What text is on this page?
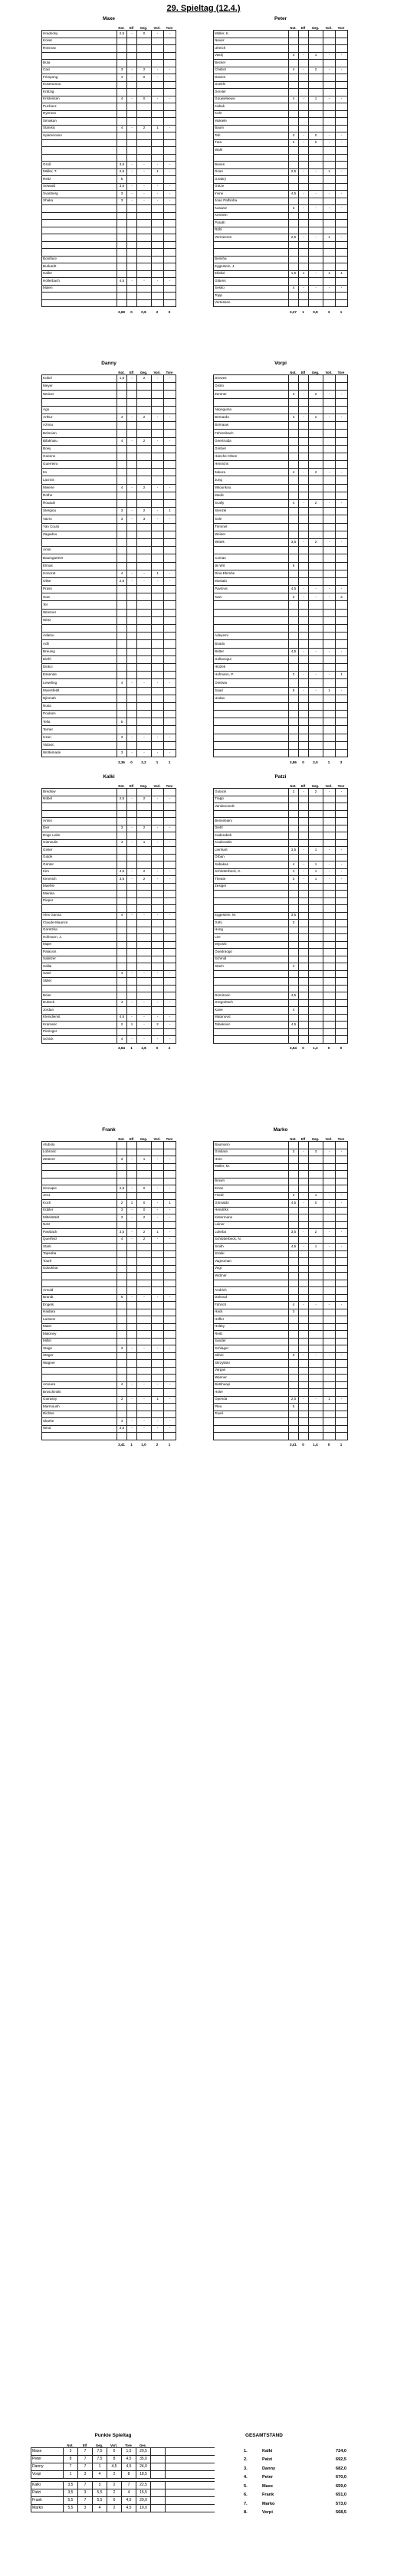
29. Spieltag (12.4.)
Maxe
Not.	Elf	Geg.	Vorl.	Tore
Hradecky	2,5	-	0	-	-
Kovar
Rönnow
Buta
Caci	3	-	2	-	-
Frimpong	4	-	0	-	-
Koseounou
Krätzig
Kristensen	4	-	0	-	-
Puchacz
Ryerson
Simakan
Stanisic	4	-	2	1	-
Upamecano
Groß	3,5	-	-	-	-
Müller, T.	2,5	-	-	1	-
Reitz	5
Seiwald	3,5	-	-	-	-
Svanberg	3	-	-	-	-
Xhaka	3	-	-	-	-
Boniface
Burkardt
Haller
Hollerbach	4,5	-	-	-	-
Malen
3,68	0	0,8	2	0
Peter
Not.	Elf	Geg.	Vorl.	Tore
Müller, K.
Neuer
Ulreich
Vasilj	4	-	1	-	-
Becker
Chabot	4	-	2	-	-
Davies
Doekhi
Drexler
Gouweleeuw	4	-	1	-	-
Kabak
Kohr
Mukiele
Baum
Tah	3	-	0	-	-
Tuta	3	-	0	-	-
Wahl
Benes
Doan	2,5	-	-	1	-
Gnabry
Götze
Irvine	4,5	-	-	-	-
Joao Palhinha
Karazor	3	-	-	-	-
Kemlein
Porath
Röhl
Vermeeren	2,5	-	-	1	-
Berisha
Eggestein, J.
Ekitiké	1,5	1	-	1	1
Gittens
Sesko	4	-	-	-	-
Topp
Vertessen
3,27	1	0,8	3	1
Danny
Not.	Elf	Geg.	Vorl.	Tore
Kobel	1,5	-	2	-	-
Meyer
Weiner
Agu
Arthur	4	-	2	-	-
Aznou
Belocian
Bifakhaiu	4	-	2	-	-
Boey
Goeens
Guerreiro
Ito
Lacroix
Mwene	4	-	2	-	-
Rothe
Rouault
Stergiou	3	-	2	-	1
Vavro	3	-	3	-	-
Yan Couto
Zagadou
Amiri
Baumgartner
Elmas
Honorat	4	-	-	1	-
Olise	2,5	-	-	-	-
Prass
Sow
Tel
Wimmer
Wirtz
Adamu
Adli
Breunig
Diehl
Dinkci
Essende
Leweling	4	-	-	-	-
Moersfeldt
Njinmah
Nusa
Poulsen
Tella	5
Terrier
Uzun	3	-	-	-	-
Vidovic
Woltemade	3	-	-	-	-
3,36	0	2,2	1	1
Vorpi
Not.	Elf	Geg.	Vorl.	Tore
Drewes
Omlin
Zentner	3	-	2	-	-
Akpoguma
Bernardo	3	-	2	-	-
Bornauw
Föhrenbach
Geertruida
Gimber
Hanche-Olsen
Henrichs
Itakura	4	-	2	-	-
Jung
Mkounkou
Medic
Scally	4	-	2	-	-
Stenzel
Sole
Trimmel
Weiser
Wittek	3,5	-	2	-	-
Coman
de Wit	6
Dina Ebimbe
Musiala
Pavlovic	4,5	-	-	-	-
Xavi	2	-	-	-	2
Adeyemi
Boadu
Bülter	4,5	-	-	-	-
Gollavogui
Hložek
Hofmann, P.	3	-	-	-	1
Onisiwo
Saad	5	-	-	1	-
Undav
3,86	0	2,0	1	3
Kalki
Not.	Elf	Geg.	Vorl.	Tore
Bredlow
Nübel	2,5	-	2	-	-
Anton
Dier	3	-	2	-	-
Dogo Leite
Gianoulis	4	-	1	-	-
Ginter
Gulde
Günter
Kim	4,5	-	2	-	-
Kimmich	3,5	-	2	-	-
Maehle
Mainka
Pieper
Alex Garcia	4	-	-	-	-
Claude-Maurice
Goretzka
Hofmann, J.
Majer
Palacios
Sabitzer
Sallai
Sané	4	-	-	-	-
Stiller
Beier
Duksch	4	-	-	-	-
Jordan
Kleindienst	4,5	-	-	-	-
Kramaric	2	1	-	2	-
Pieringer
Schick	4	-	-	-	-
3,64	1	1,8	0	2
Patzi
Not.	Elf	Geg.	Vorl.	Tore
Gulacsi	2	-	2	-	-
Trapp
Vandevoordt
Bensebaini
Diehl
Kaderabek
Koulierakis
Lienhart	3,5	-	1	-	-
Orban
Sabakas	4	-	1	-	-
Schlotterbeck, K.	4	-	1	-	-
Theate	3	-	1	-	-
Zesiger
Eggestein, M.	3,5
Grifo	3
Hong
Lee
Miyoshi
Ouedraogo
Schmid
Stach	4
Demirovic	4,5
Gregoritsch
Kane	4
Matanovic
Tabakovic	4,5
3,64	0	1,2	0	0
Frank
Not.	Elf	Geg.	Vorl.	Tore
Atubolu
Lobrovic
Zetterer	3	-	1	-	-
Hincapie	2,5	-	0	-	-
Jenz
Koch	2	1	0	-	1
Kübler	3	-	0	-	-
Mittelstädt	3	-	2	-	-
Netz
Passlack	3,5	-	2	1	-
Querfeld	4	-	2	-	-
Stark
Tapsoba
Touré
Udoukhai
Arnold
Brandt	6	-	-	-	-
Engels
Haidara
Larsson
Maier
Maloney
Millot
Stage	3	-	-	-	-
Stöger
Wagner
Amoura	4	-	-	-	-
Broschinski
Guirassy	3	-	-	1	-
Marmoush
Richter
Skarke	4	-	-	-	-
Wind	3,5	-	-	-	-
3,41	1	1,0	2	1
Marko
Not.	Elf	Geg.	Vorl.	Tore
Baumann
Grabara	3	-	3	-	-
Horn
Müller, M.
Brown
Erras
Friedl	2	-	1	-	-
Grimaldo	4,5	-	0	-	-
Hendriks
Kistermann
Lainer
Lukeba	3,5	-	2	-	-
Schlotterbeck, N.
Smith	4,5	-	1	-	-
Szalai
Vagnoman
Vogt
Widmer
Andrich
Dahoud
Führich	4	-	-	-	-
Hack	3
Höfler
Holtby
Reitz
Sander
Schlager
Skhiri	3	-	-	-	-
Skrzybski
Vargas
Wanner
Batshuayi
Höler
Openda	2,5	-	-	1	-
Plea	5
Touré
3,41	0	1,4	0	1
Punkte Spieltag
Not.	Elf	Geg.	Vorl.	Tore	Ges.
Maxe	2	7	7,5	6	1,5	20,5
Peter	8	7	7,5	8	4,5	35,0
Danny	7	7	1	4,5	4,5	24,0
Vorpi	1	3	4	2	8	18,5
Kalki	3,5	7	3	2	7	22,5
Patzi	3,5	3	5,5	2	4	15,5
Frank	5,5	7	5,5	6	4,5	29,0
Marko	5,5	3	4	2	4,5	19,0
GESAMTSTAND
1.	Kalki	724,0
2.	Patzi	692,5
3.	Danny	682,0
4.	Peter	670,0
5.	Maxe	659,0
6.	Frank	651,0
7.	Marko	573,0
8.	Vorpi	568,5
